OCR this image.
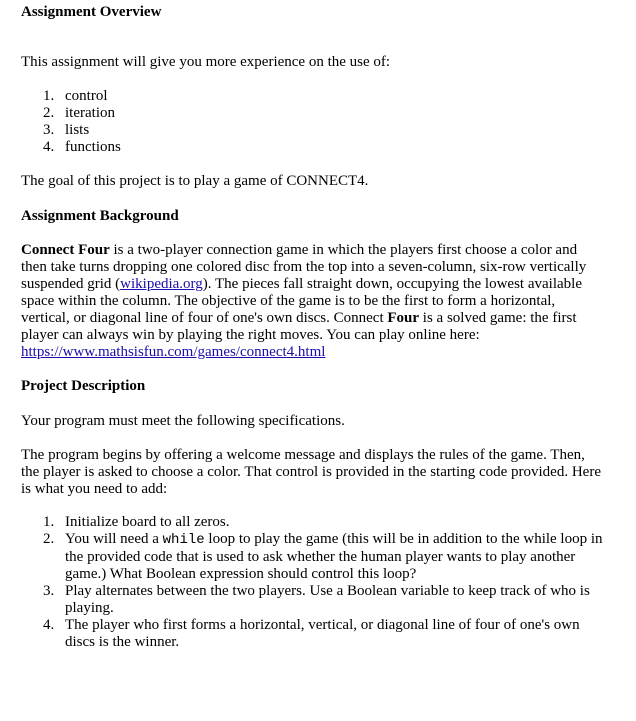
Assignment Overview

This assignment will give you more experience on the use of:

1. control
2. iteration
3. lists
4. functions

The goal of this project is to play a game of CONNECT4.

Assignment Background

Connect Four is a two-player connection game in which the players first choose a color and then take turns dropping one colored disc from the top into a seven-column, six-row vertically suspended grid (wikipedia.org). The pieces fall straight down, occupying the lowest available space within the column. The objective of the game is to be the first to form a horizontal, vertical, or diagonal line of four of one's own discs. Connect Four is a solved game: the first player can always win by playing the right moves. You can play online here: https://www.mathsisfun.com/games/connect4.html

Project Description

Your program must meet the following specifications.

The program begins by offering a welcome message and displays the rules of the game. Then, the player is asked to choose a color. That control is provided in the starting code provided. Here is what you need to add:

1. Initialize board to all zeros.
2. You will need a while loop to play the game (this will be in addition to the while loop in the provided code that is used to ask whether the human player wants to play another game.) What Boolean expression should control this loop?
3. Play alternates between the two players. Use a Boolean variable to keep track of who is playing.
4. The player who first forms a horizontal, vertical, or diagonal line of four of one's own discs is the winner.
